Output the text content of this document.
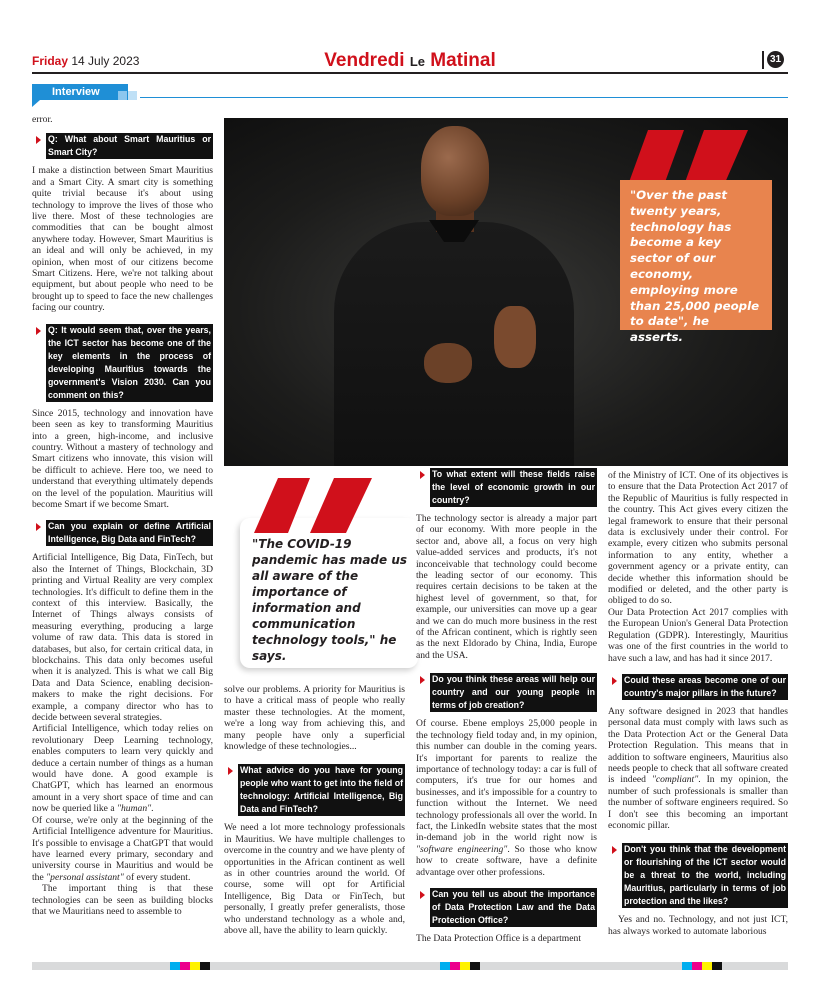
Friday 14 July 2023	Vendredi Le Matinal	31
Interview

error.

Q: What about Smart Mauritius or Smart City?

I make a distinction between Smart Mauritius and a Smart City. A smart city is something quite trivial because it's about using technology to improve the lives of those who live there. Most of these technologies are commodities that can be bought almost anywhere today. However, Smart Mauritius is an ideal and will only be achieved, in my opinion, when most of our citizens become Smart Citizens. Here, we're not talking about equipment, but about people who need to be brought up to speed to face the new challenges facing our country.

Q: It would seem that, over the years, the ICT sector has become one of the key elements in the process of developing Mauritius towards the government's Vision 2030. Can you comment on this?

Since 2015, technology and innovation have been seen as key to transforming Mauritius into a green, high-income, and inclusive country. Without a mastery of technology and Smart citizens who innovate, this vision will be difficult to achieve. Here too, we need to understand that everything ultimately depends on the level of the population. Mauritius will become Smart if we become Smart.

Can you explain or define Artificial Intelligence, Big Data and FinTech?

Artificial Intelligence, Big Data, FinTech, but also the Internet of Things, Blockchain, 3D printing and Virtual Reality are very complex technologies. It's difficult to define them in the context of this interview. Basically, the Internet of Things always consists of measuring everything, producing a large volume of raw data. This data is stored in databases, but also, for certain critical data, in blockchains. This data only becomes useful when it is analyzed. This is what we call Big Data and Data Science, enabling decision-makers to make the right decisions. For example, a company director who has to decide between several strategies.

Artificial Intelligence, which today relies on revolutionary Deep Learning technology, enables computers to learn very quickly and deduce a certain number of things as a human would have done. A good example is ChatGPT, which has learned an enormous amount in a very short space of time and can now be queried like a "human".

Of course, we're only at the beginning of the Artificial Intelligence adventure for Mauritius. It's possible to envisage a ChatGPT that would have learned every primary, secondary and university course in Mauritius and would be the "personal assistant" of every student.

The important thing is that these technologies can be seen as building blocks that we Mauritians need to assemble to

"Over the past twenty years, technology has become a key sector of our economy, employing more than 25,000 people to date", he asserts.
"The COVID-19 pandemic has made us all aware of the importance of information and communication technology tools," he says.

solve our problems. A priority for Mauritius is to have a critical mass of people who really master these technologies. At the moment, we're a long way from achieving this, and many people have only a superficial knowledge of these technologies...

What advice do you have for young people who want to get into the field of technology: Artificial Intelligence, Big Data and FinTech?

We need a lot more technology professionals in Mauritius. We have multiple challenges to overcome in the country and we have plenty of opportunities in the African continent as well as in other countries around the world. Of course, some will opt for Artificial Intelligence, Big Data or FinTech, but personally, I greatly prefer generalists, those who understand technology as a whole and, above all, have the ability to learn quickly.

To what extent will these fields raise the level of economic growth in our country?

The technology sector is already a major part of our economy. With more people in the sector and, above all, a focus on very high value-added services and products, it's not inconceivable that technology could become the leading sector of our economy. This requires certain decisions to be taken at the highest level of government, so that, for example, our universities can move up a gear and we can do much more business in the rest of the African continent, which is rightly seen as the next Eldorado by China, India, Europe and the USA.

Do you think these areas will help our country and our young people in terms of job creation?

Of course. Ebene employs 25,000 people in the technology field today and, in my opinion, this number can double in the coming years. It's important for parents to realize the importance of technology today: a car is full of computers, it's true for our homes and businesses, and it's impossible for a country to function without the Internet. We need technology professionals all over the world. In fact, the LinkedIn website states that the most in-demand job in the world right now is "software engineering". So those who know how to create software, have a definite advantage over other professions.

Can you tell us about the importance of Data Protection Law and the Data Protection Office?

The Data Protection Office is a department

of the Ministry of ICT. One of its objectives is to ensure that the Data Protection Act 2017 of the Republic of Mauritius is fully respected in the country. This Act gives every citizen the legal framework to ensure that their personal data is exclusively under their control. For example, every citizen who submits personal information to any entity, whether a government agency or a private entity, can decide whether this information should be modified or deleted, and the other party is obliged to do so.

Our Data Protection Act 2017 complies with the European Union's General Data Protection Regulation (GDPR). Interestingly, Mauritius was one of the first countries in the world to have such a law, and has had it since 2017.

Could these areas become one of our country's major pillars in the future?

Any software designed in 2023 that handles personal data must comply with laws such as the Data Protection Act or the General Data Protection Regulation. This means that in addition to software engineers, Mauritius also needs people to check that all software created is indeed "compliant". In my opinion, the number of such professionals is smaller than the number of software engineers required. So I don't see this becoming an important economic pillar.

Don't you think that the development or flourishing of the ICT sector would be a threat to the world, including Mauritius, particularly in terms of job protection and the likes?

Yes and no. Technology, and not just ICT, has always worked to automate laborious
